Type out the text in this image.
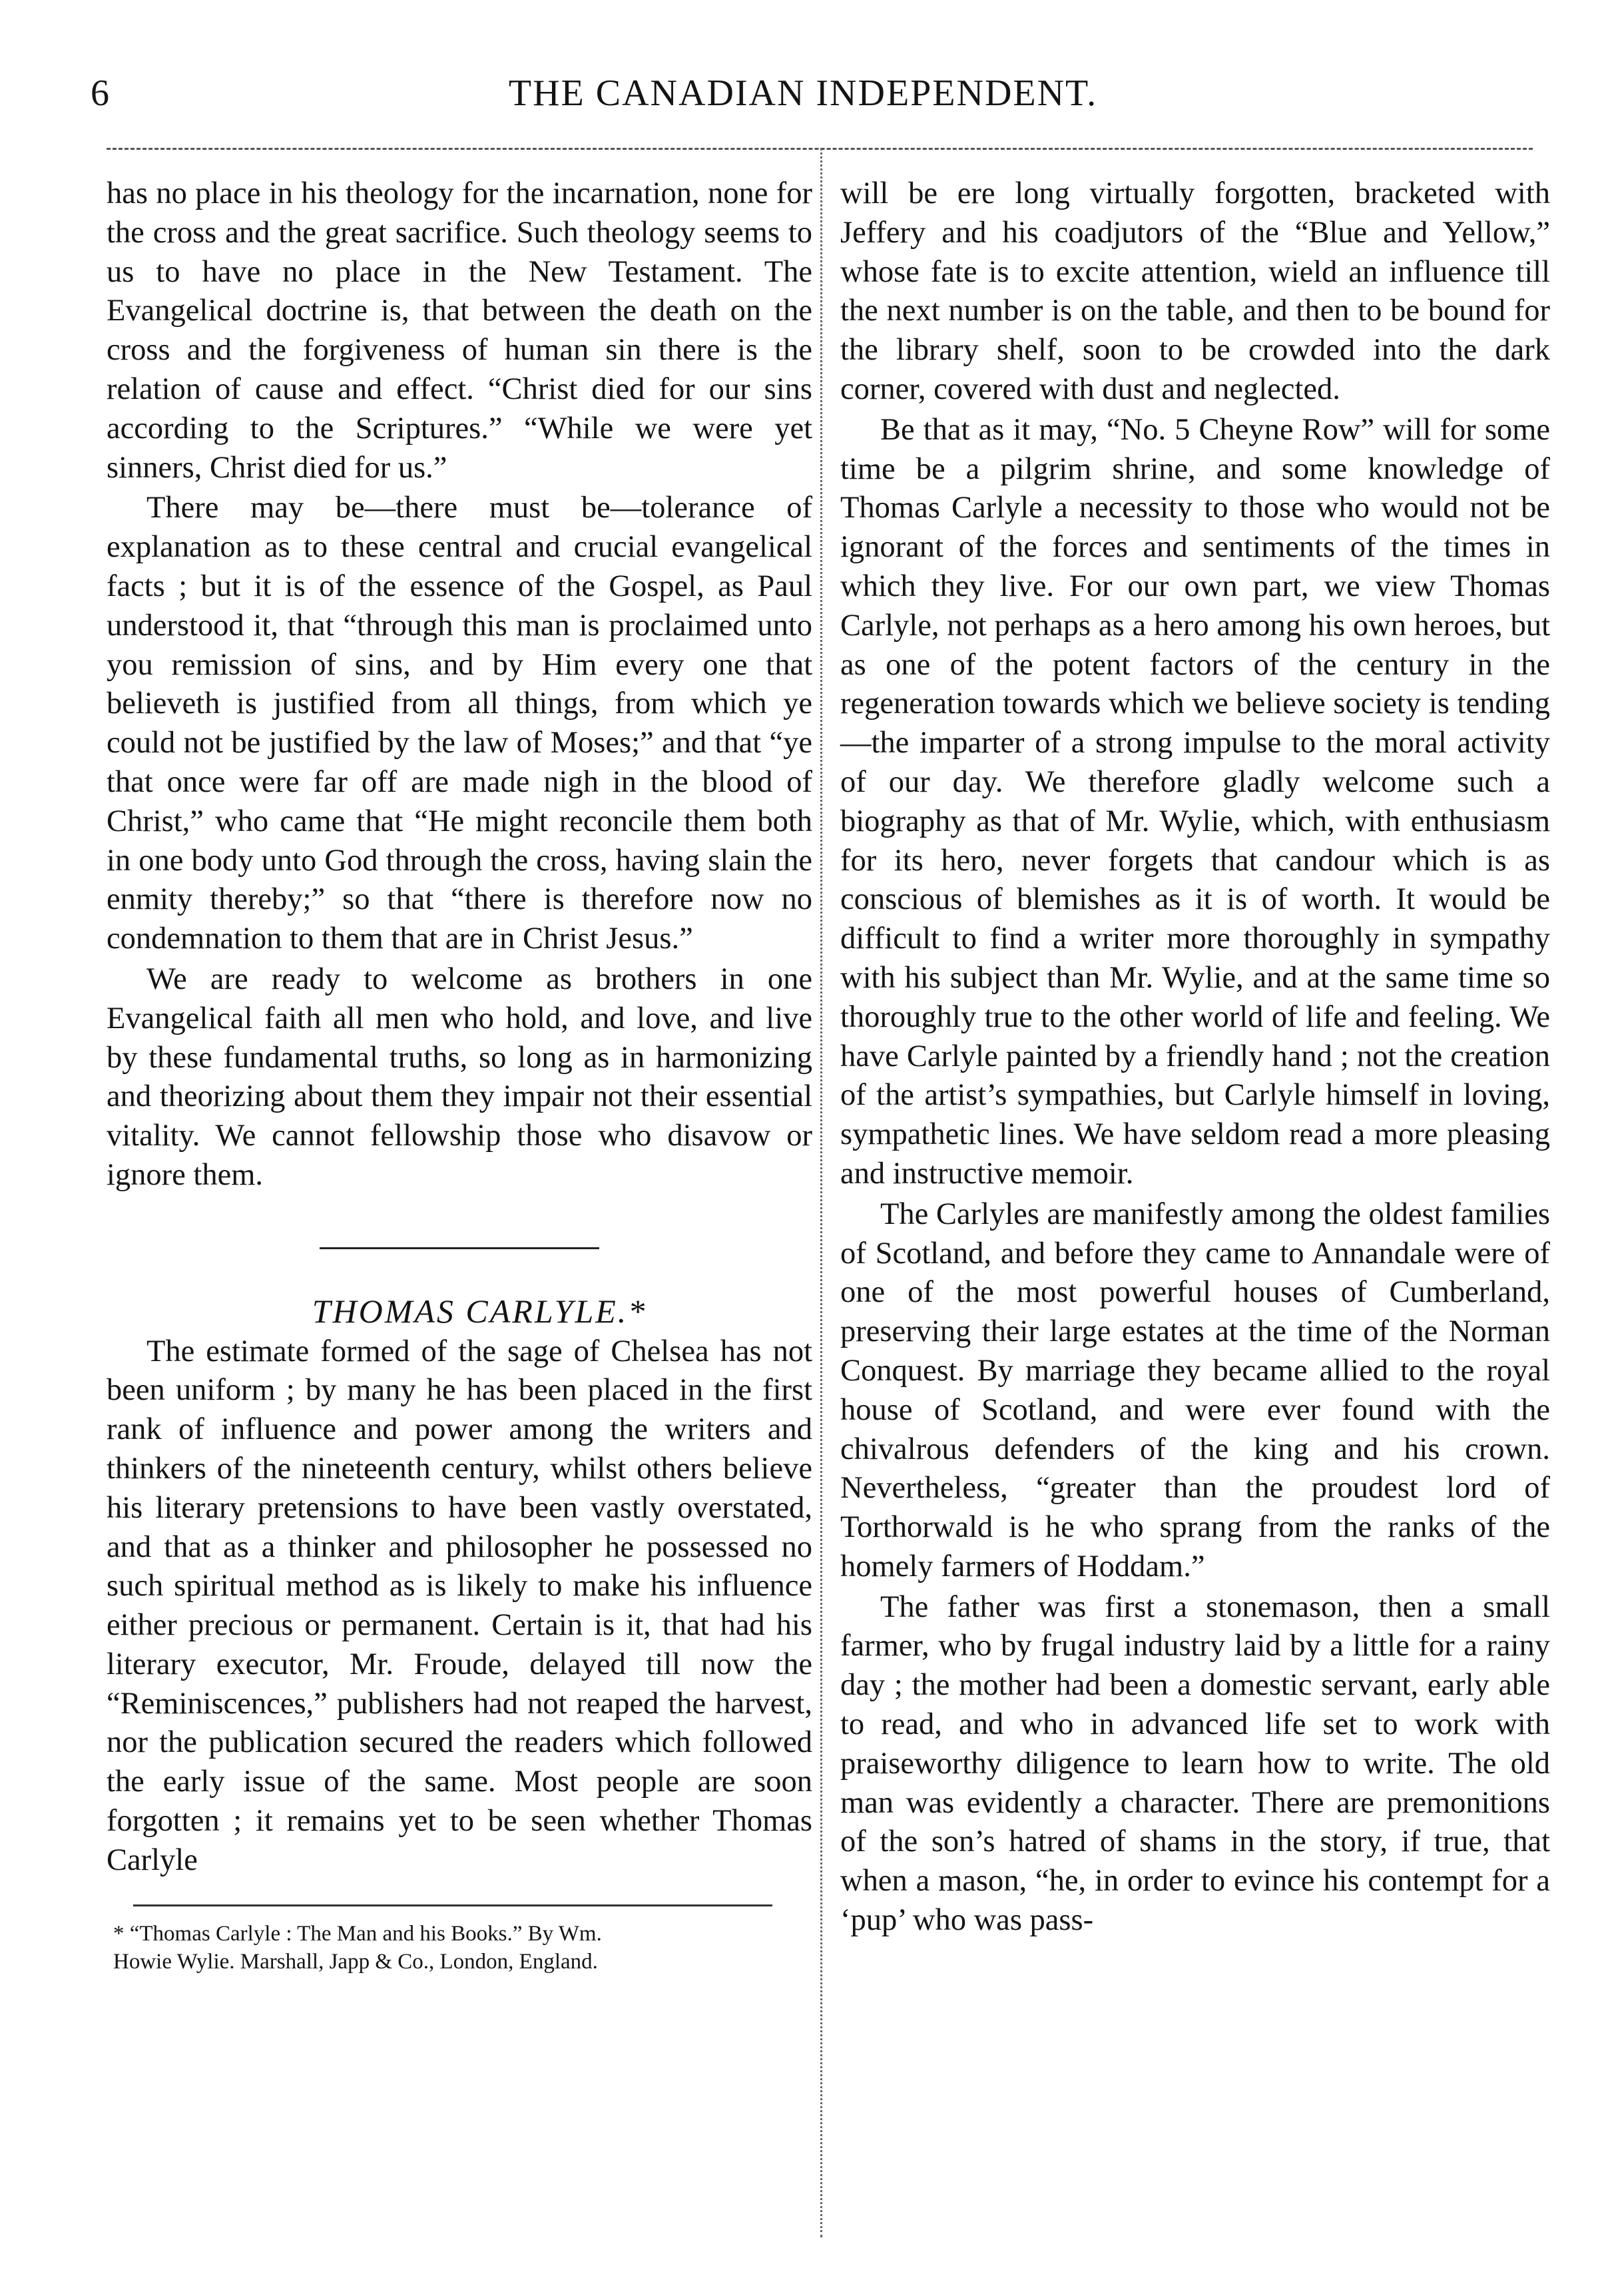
6	THE CANADIAN INDEPENDENT.

has no place in his theology for the incarnation, none for the cross and the great sacrifice. Such theology seems to us to have no place in the New Testament. The Evangelical doctrine is, that between the death on the cross and the forgiveness of human sin there is the relation of cause and effect. “Christ died for our sins according to the Scriptures.” “While we were yet sinners, Christ died for us.”

There may be—there must be—tolerance of explanation as to these central and crucial evangelical facts ; but it is of the essence of the Gospel, as Paul understood it, that “through this man is proclaimed unto you remission of sins, and by Him every one that believeth is justified from all things, from which ye could not be justified by the law of Moses;” and that “ye that once were far off are made nigh in the blood of Christ,” who came that “He might reconcile them both in one body unto God through the cross, having slain the enmity thereby;” so that “there is therefore now no condemnation to them that are in Christ Jesus.”

We are ready to welcome as brothers in one Evangelical faith all men who hold, and love, and live by these fundamental truths, so long as in harmonizing and theorizing about them they impair not their essential vitality. We cannot fellowship those who disavow or ignore them.

THOMAS CARLYLE.*

The estimate formed of the sage of Chelsea has not been uniform ; by many he has been placed in the first rank of influence and power among the writers and thinkers of the nineteenth century, whilst others believe his literary pretensions to have been vastly overstated, and that as a thinker and philosopher he possessed no such spiritual method as is likely to make his influence either precious or permanent. Certain is it, that had his literary executor, Mr. Froude, delayed till now the “Reminiscences,” publishers had not reaped the harvest, nor the publication secured the readers which followed the early issue of the same. Most people are soon forgotten ; it remains yet to be seen whether Thomas Carlyle

* “Thomas Carlyle : The Man and his Books.” By Wm.
Howie Wylie. Marshall, Japp & Co., London, England.

will be ere long virtually forgotten, bracketed with Jeffery and his coadjutors of the “Blue and Yellow,” whose fate is to excite attention, wield an influence till the next number is on the table, and then to be bound for the library shelf, soon to be crowded into the dark corner, covered with dust and neglected.

Be that as it may, “No. 5 Cheyne Row” will for some time be a pilgrim shrine, and some knowledge of Thomas Carlyle a necessity to those who would not be ignorant of the forces and sentiments of the times in which they live. For our own part, we view Thomas Carlyle, not perhaps as a hero among his own heroes, but as one of the potent factors of the century in the regeneration towards which we believe society is tending—the imparter of a strong impulse to the moral activity of our day. We therefore gladly welcome such a biography as that of Mr. Wylie, which, with enthusiasm for its hero, never forgets that candour which is as conscious of blemishes as it is of worth. It would be difficult to find a writer more thoroughly in sympathy with his subject than Mr. Wylie, and at the same time so thoroughly true to the other world of life and feeling. We have Carlyle painted by a friendly hand ; not the creation of the artist’s sympathies, but Carlyle himself in loving, sympathetic lines. We have seldom read a more pleasing and instructive memoir.

The Carlyles are manifestly among the oldest families of Scotland, and before they came to Annandale were of one of the most powerful houses of Cumberland, preserving their large estates at the time of the Norman Conquest. By marriage they became allied to the royal house of Scotland, and were ever found with the chivalrous defenders of the king and his crown. Nevertheless, “greater than the proudest lord of Torthorwald is he who sprang from the ranks of the homely farmers of Hoddam.”

The father was first a stonemason, then a small farmer, who by frugal industry laid by a little for a rainy day ; the mother had been a domestic servant, early able to read, and who in advanced life set to work with praiseworthy diligence to learn how to write. The old man was evidently a character. There are premonitions of the son’s hatred of shams in the story, if true, that when a mason, “he, in order to evince his contempt for a ‘pup’ who was pass-
